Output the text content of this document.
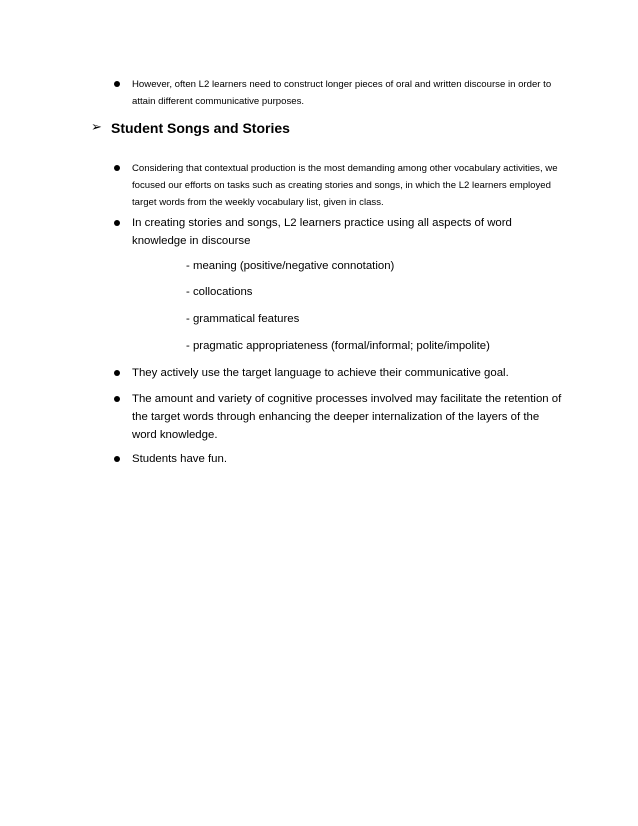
However, often L2 learners need to construct longer pieces of oral and written discourse in order to attain different communicative purposes.

➢ Student Songs and Stories

Considering that contextual production is the most demanding among other vocabulary activities, we focused our efforts on tasks such as creating stories and songs, in which the L2 learners employed target words from the weekly vocabulary list, given in class.

In creating stories and songs, L2 learners practice using all aspects of word knowledge in discourse

- meaning (positive/negative connotation)
- collocations
- grammatical features
- pragmatic appropriateness (formal/informal; polite/impolite)

They actively use the target language to achieve their communicative goal.

The amount and variety of cognitive processes involved may facilitate the retention of the target words through enhancing the deeper internalization of the layers of the word knowledge.

Students have fun.
